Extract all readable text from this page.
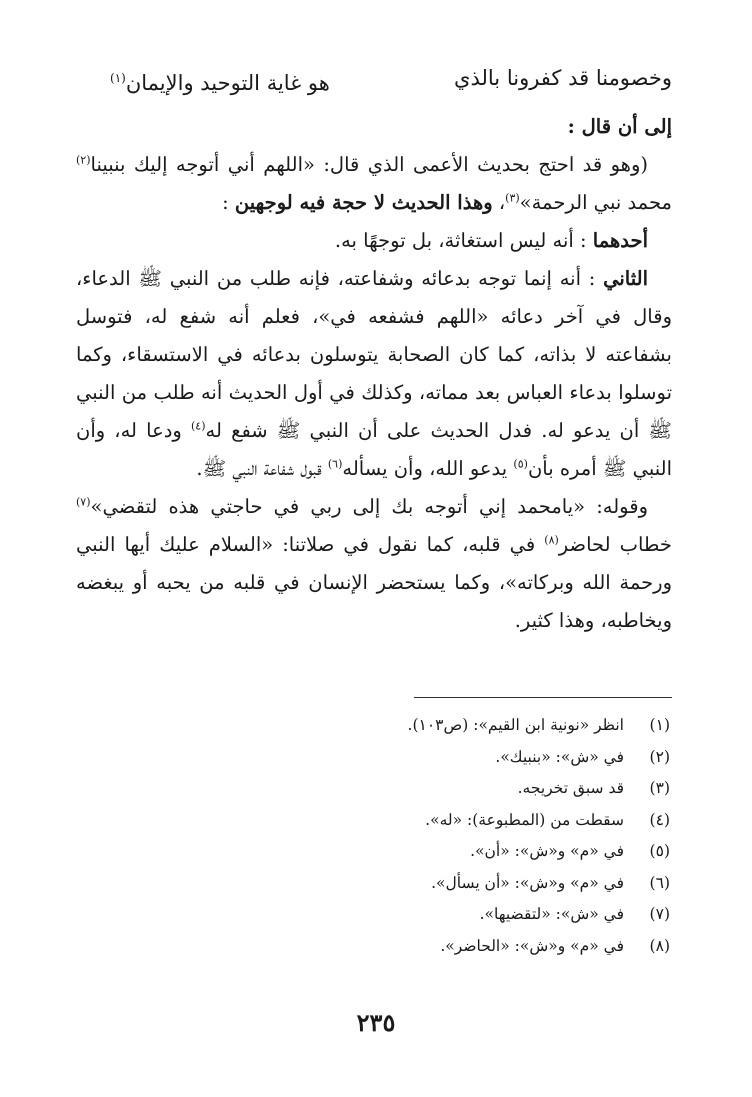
وخصومنا قد كفرونا بالذي
هو غاية التوحيد والإيمان$^{(١)}$

إلى أن قال :

(وهو قد احتج بحديث الأعمى الذي قال: «اللهم أني أتوجه إليك بنبينا$^{(٢)}$ محمد نبي الرحمة»$^{(٣)}$، وهذا الحديث لا حجة فيه لوجهين :

أحدهما : أنه ليس استغاثة، بل توجهًا به.

الثاني : أنه إنما توجه بدعائه وشفاعته، فإنه طلب من النبي ﷺ الدعاء، وقال في آخر دعائه «اللهم فشفعه في»، فعلم أنه شفع له، فتوسل بشفاعته لا بذاته، كما كان الصحابة يتوسلون بدعائه في الاستسقاء، وكما توسلوا بدعاء العباس بعد مماته، وكذلك في أول الحديث أنه طلب من النبي ﷺ أن يدعو له. فدل الحديث على أن النبي ﷺ شفع له$^{(٤)}$ ودعا له، وأن النبي ﷺ أمره بأن$^{(٥)}$ يدعو الله، وأن يسأله$^{(٦)}$ قبول شفاعة النبي ﷺ.

وقوله: «يامحمد إني أتوجه بك إلى ربي في حاجتي هذه لتقضي»$^{(٧)}$ خطاب لحاضر$^{(٨)}$ في قلبه، كما نقول في صلاتنا: «السلام عليك أيها النبي ورحمة الله وبركاته»، وكما يستحضر الإنسان في قلبه من يحبه أو يبغضه ويخاطبه، وهذا كثير.

(١)
انظر «نونية ابن القيم»: (ص١٠٣).
(٢)
في «ش»: «بنبيك».
(٣)
قد سبق تخريجه.
(٤)
سقطت من (المطبوعة): «له».
(٥)
في «م» و«ش»: «أن».
(٦)
في «م» و«ش»: «أن يسأل».
(٧)
في «ش»: «لتقضيها».
(٨)
في «م» و«ش»: «الحاضر».
٢٣٥
